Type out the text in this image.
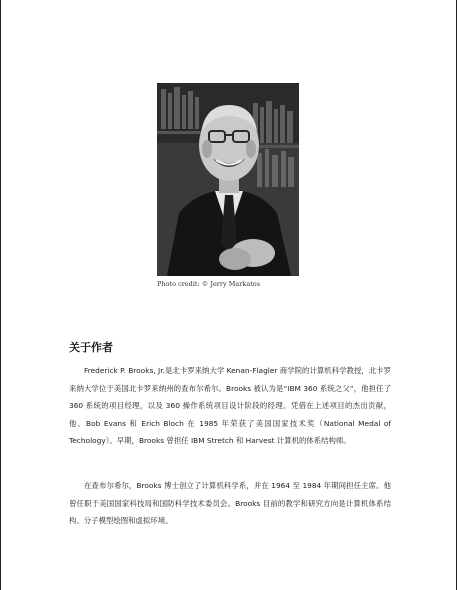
Photo credit: © Jerry Markatos
关于作者

Frederick P. Brooks, Jr.是北卡罗来纳大学 Kenan-Flagler 商学院的计算机科学教授，北卡罗来纳大学位于美国北卡罗来纳州的查布尔希尔。Brooks 被认为是“IBM 360 系统之父”，他担任了 360 系统的项目经理，以及 360 操作系统项目设计阶段的经理。凭借在上述项目的杰出贡献，他、Bob Evans 和 Erich Bloch 在 1985 年荣获了美国国家技术奖（National Medal of Techology）。早期，Brooks 曾担任 IBM Stretch 和 Harvest 计算机的体系结构师。

在查布尔希尔，Brooks 博士创立了计算机科学系，并在 1964 至 1984 年期间担任主席。他曾任职于美国国家科技局和国防科学技术委员会。Brooks 目前的教学和研究方向是计算机体系结构、分子模型绘图和虚拟环境。
